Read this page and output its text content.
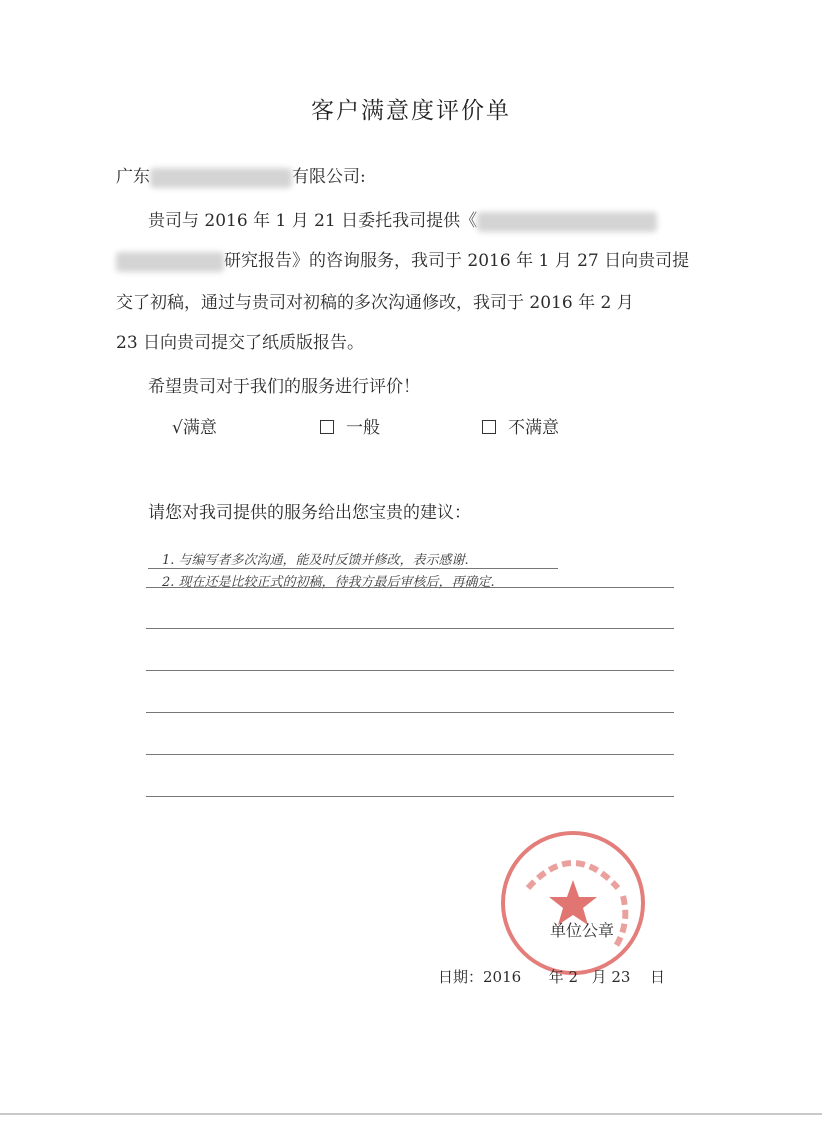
客户满意度评价单
广东	有限公司:
贵司与 2016 年 1 月 21 日委托我司提供《
研究报告》的咨询服务，我司于 2016 年 1 月 27 日向贵司提
交了初稿，通过与贵司对初稿的多次沟通修改，我司于 2016 年 2 月
23 日向贵司提交了纸质版报告。
希望贵司对于我们的服务进行评价！
√满意	一般	不满意
请您对我司提供的服务给出您宝贵的建议：
1. 与编写者多次沟通，能及时反馈并修改，表示感谢.
2. 现在还是比较正式的初稿，待我方最后审核后，再确定.
单位公章
日期：2016 年 2 月 23 日
